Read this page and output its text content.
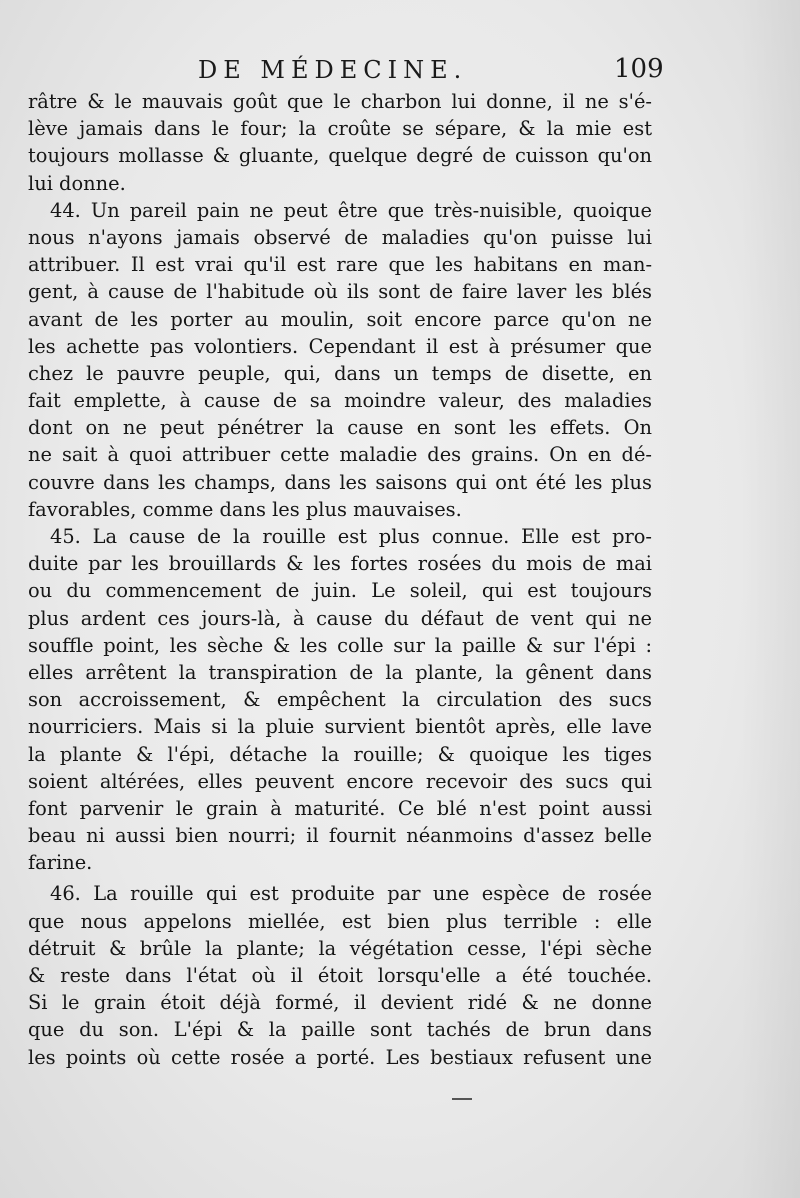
DE MÉDECINE.	109
râtre & le mauvais goût que le charbon lui donne, il ne s'é-
lève jamais dans le four; la croûte se sépare, & la mie est
toujours mollasse & gluante, quelque degré de cuisson qu'on
lui donne.
44. Un pareil pain ne peut être que très-nuisible, quoique
nous n'ayons jamais observé de maladies qu'on puisse lui
attribuer. Il est vrai qu'il est rare que les habitans en man-
gent, à cause de l'habitude où ils sont de faire laver les blés
avant de les porter au moulin, soit encore parce qu'on ne
les achette pas volontiers. Cependant il est à présumer que
chez le pauvre peuple, qui, dans un temps de disette, en
fait emplette, à cause de sa moindre valeur, des maladies
dont on ne peut pénétrer la cause en sont les effets. On
ne sait à quoi attribuer cette maladie des grains. On en dé-
couvre dans les champs, dans les saisons qui ont été les plus
favorables, comme dans les plus mauvaises.
45. La cause de la rouille est plus connue. Elle est pro-
duite par les brouillards & les fortes rosées du mois de mai
ou du commencement de juin. Le soleil, qui est toujours
plus ardent ces jours-là, à cause du défaut de vent qui ne
souffle point, les sèche & les colle sur la paille & sur l'épi :
elles arrêtent la transpiration de la plante, la gênent dans
son accroissement, & empêchent la circulation des sucs
nourriciers. Mais si la pluie survient bientôt après, elle lave
la plante & l'épi, détache la rouille; & quoique les tiges
soient altérées, elles peuvent encore recevoir des sucs qui
font parvenir le grain à maturité. Ce blé n'est point aussi
beau ni aussi bien nourri; il fournit néanmoins d'assez belle
farine.
46. La rouille qui est produite par une espèce de rosée
que nous appelons miellée, est bien plus terrible : elle
détruit & brûle la plante; la végétation cesse, l'épi sèche
& reste dans l'état où il étoit lorsqu'elle a été touchée.
Si le grain étoit déjà formé, il devient ridé & ne donne
que du son. L'épi & la paille sont tachés de brun dans
les points où cette rosée a porté. Les bestiaux refusent une
